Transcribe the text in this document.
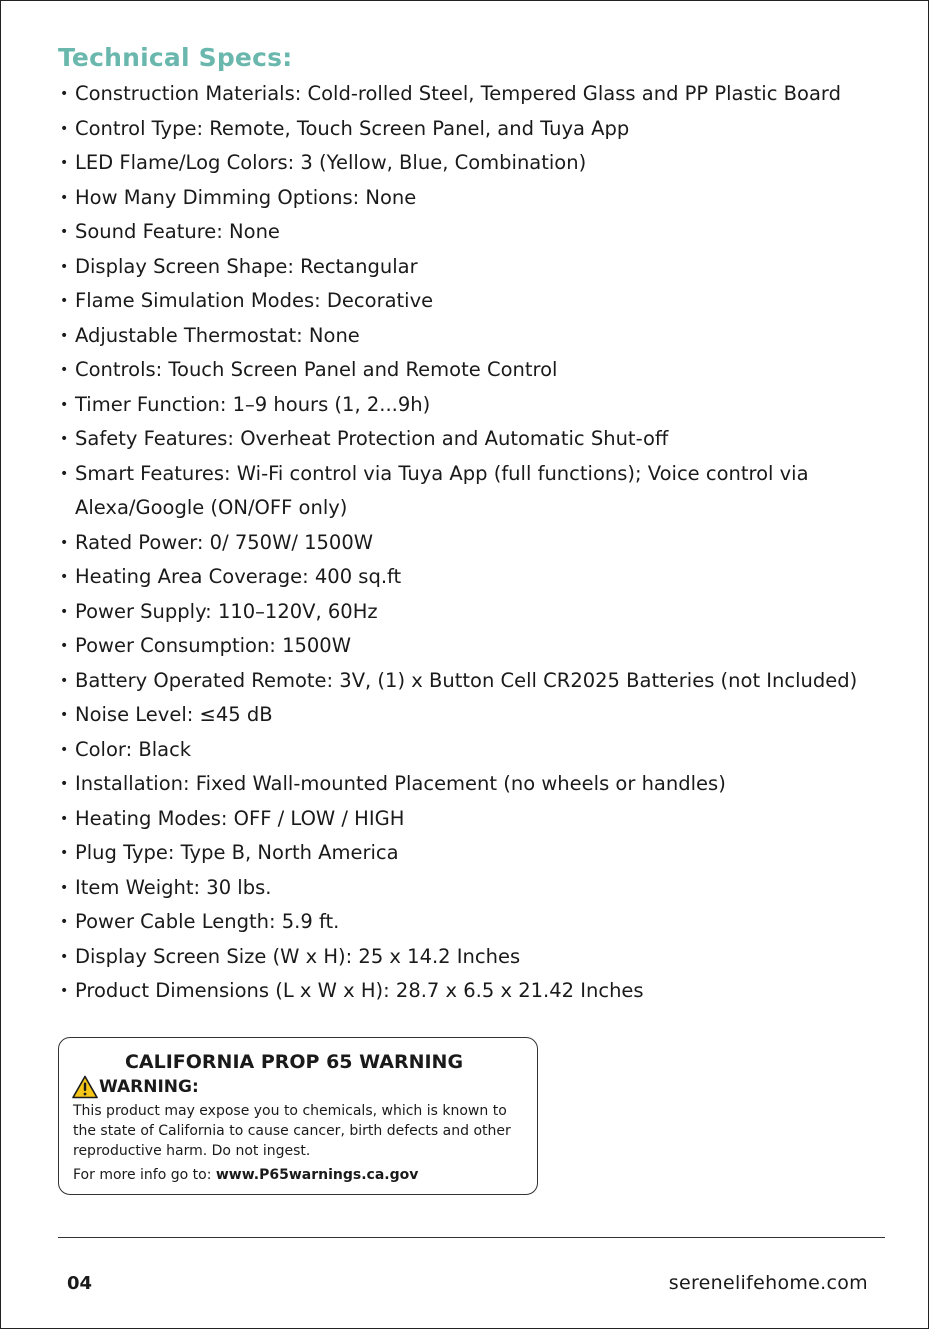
Technical Specs:
• Construction Materials: Cold-rolled Steel, Tempered Glass and PP Plastic Board
• Control Type: Remote, Touch Screen Panel, and Tuya App
• LED Flame/Log Colors: 3 (Yellow, Blue, Combination)
• How Many Dimming Options: None
• Sound Feature: None
• Display Screen Shape: Rectangular
• Flame Simulation Modes: Decorative
• Adjustable Thermostat: None
• Controls: Touch Screen Panel and Remote Control
• Timer Function: 1–9 hours (1, 2...9h)
• Safety Features: Overheat Protection and Automatic Shut-off
• Smart Features: Wi-Fi control via Tuya App (full functions); Voice control via Alexa/Google (ON/OFF only)
• Rated Power: 0/ 750W/ 1500W
• Heating Area Coverage: 400 sq.ft
• Power Supply: 110–120V, 60Hz
• Power Consumption: 1500W
• Battery Operated Remote: 3V, (1) x Button Cell CR2025 Batteries (not Included)
• Noise Level: ≤45 dB
• Color: Black
• Installation: Fixed Wall-mounted Placement (no wheels or handles)
• Heating Modes: OFF / LOW / HIGH
• Plug Type: Type B, North America
• Item Weight: 30 lbs.
• Power Cable Length: 5.9 ft.
• Display Screen Size (W x H): 25 x 14.2 Inches
• Product Dimensions (L x W x H): 28.7 x 6.5 x 21.42 Inches
CALIFORNIA PROP 65 WARNING
WARNING:

This product may expose you to chemicals, which is known to the state of California to cause cancer, birth defects and other reproductive harm. Do not ingest.

For more info go to: www.P65warnings.ca.gov

04	serenelifehome.com
